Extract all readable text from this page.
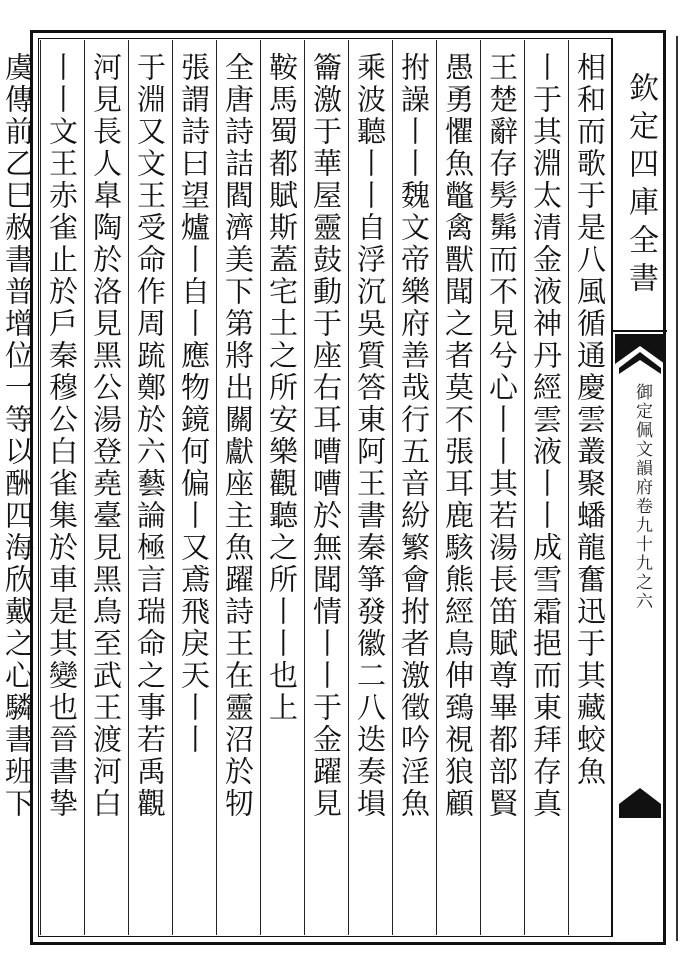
相和而歌于是八風循通慶雲叢聚蟠龍奮迅于其藏蛟魚
丨于其淵太清金液神丹經雲液丨丨成雪霜挹而東拜存真
王楚辭存髣髴而不見兮心丨丨其若湯長笛賦尊畢都部賢
愚勇懼魚鼈禽獸聞之者莫不張耳鹿駭熊經鳥伸鵄視狼顧
拊譟丨丨魏文帝樂府善哉行五音紛繁會拊者激徵吟淫魚
乘波聽丨丨自浮沉吳質答東阿王書秦箏發徽二八迭奏塤
籥激于華屋靈鼓動于座右耳嘈嘈於無聞情丨丨于金躍見
鞍馬蜀都賦斯蓋宅土之所安樂觀聽之所丨丨也上
全唐詩詰閻濟美下第將出關獻座主魚躍詩王在靈沼於牣
張謂詩曰望爐丨自丨應物鏡何偏丨又鳶飛戾天丨丨
于淵又文王受命作周䟽鄭於六藝論極言瑞命之事若禹觀
河見長人臯陶於洛見黑公湯登堯臺見黑鳥至武王渡河白
丨丨文王赤雀止於戶秦穆公白雀集於車是其變也晉書挚
虞傳前乙巳赦書普增位一等以酬四海欣戴之心驎書班下	欽定四庫全書
御定佩文韻府卷九十九之六
